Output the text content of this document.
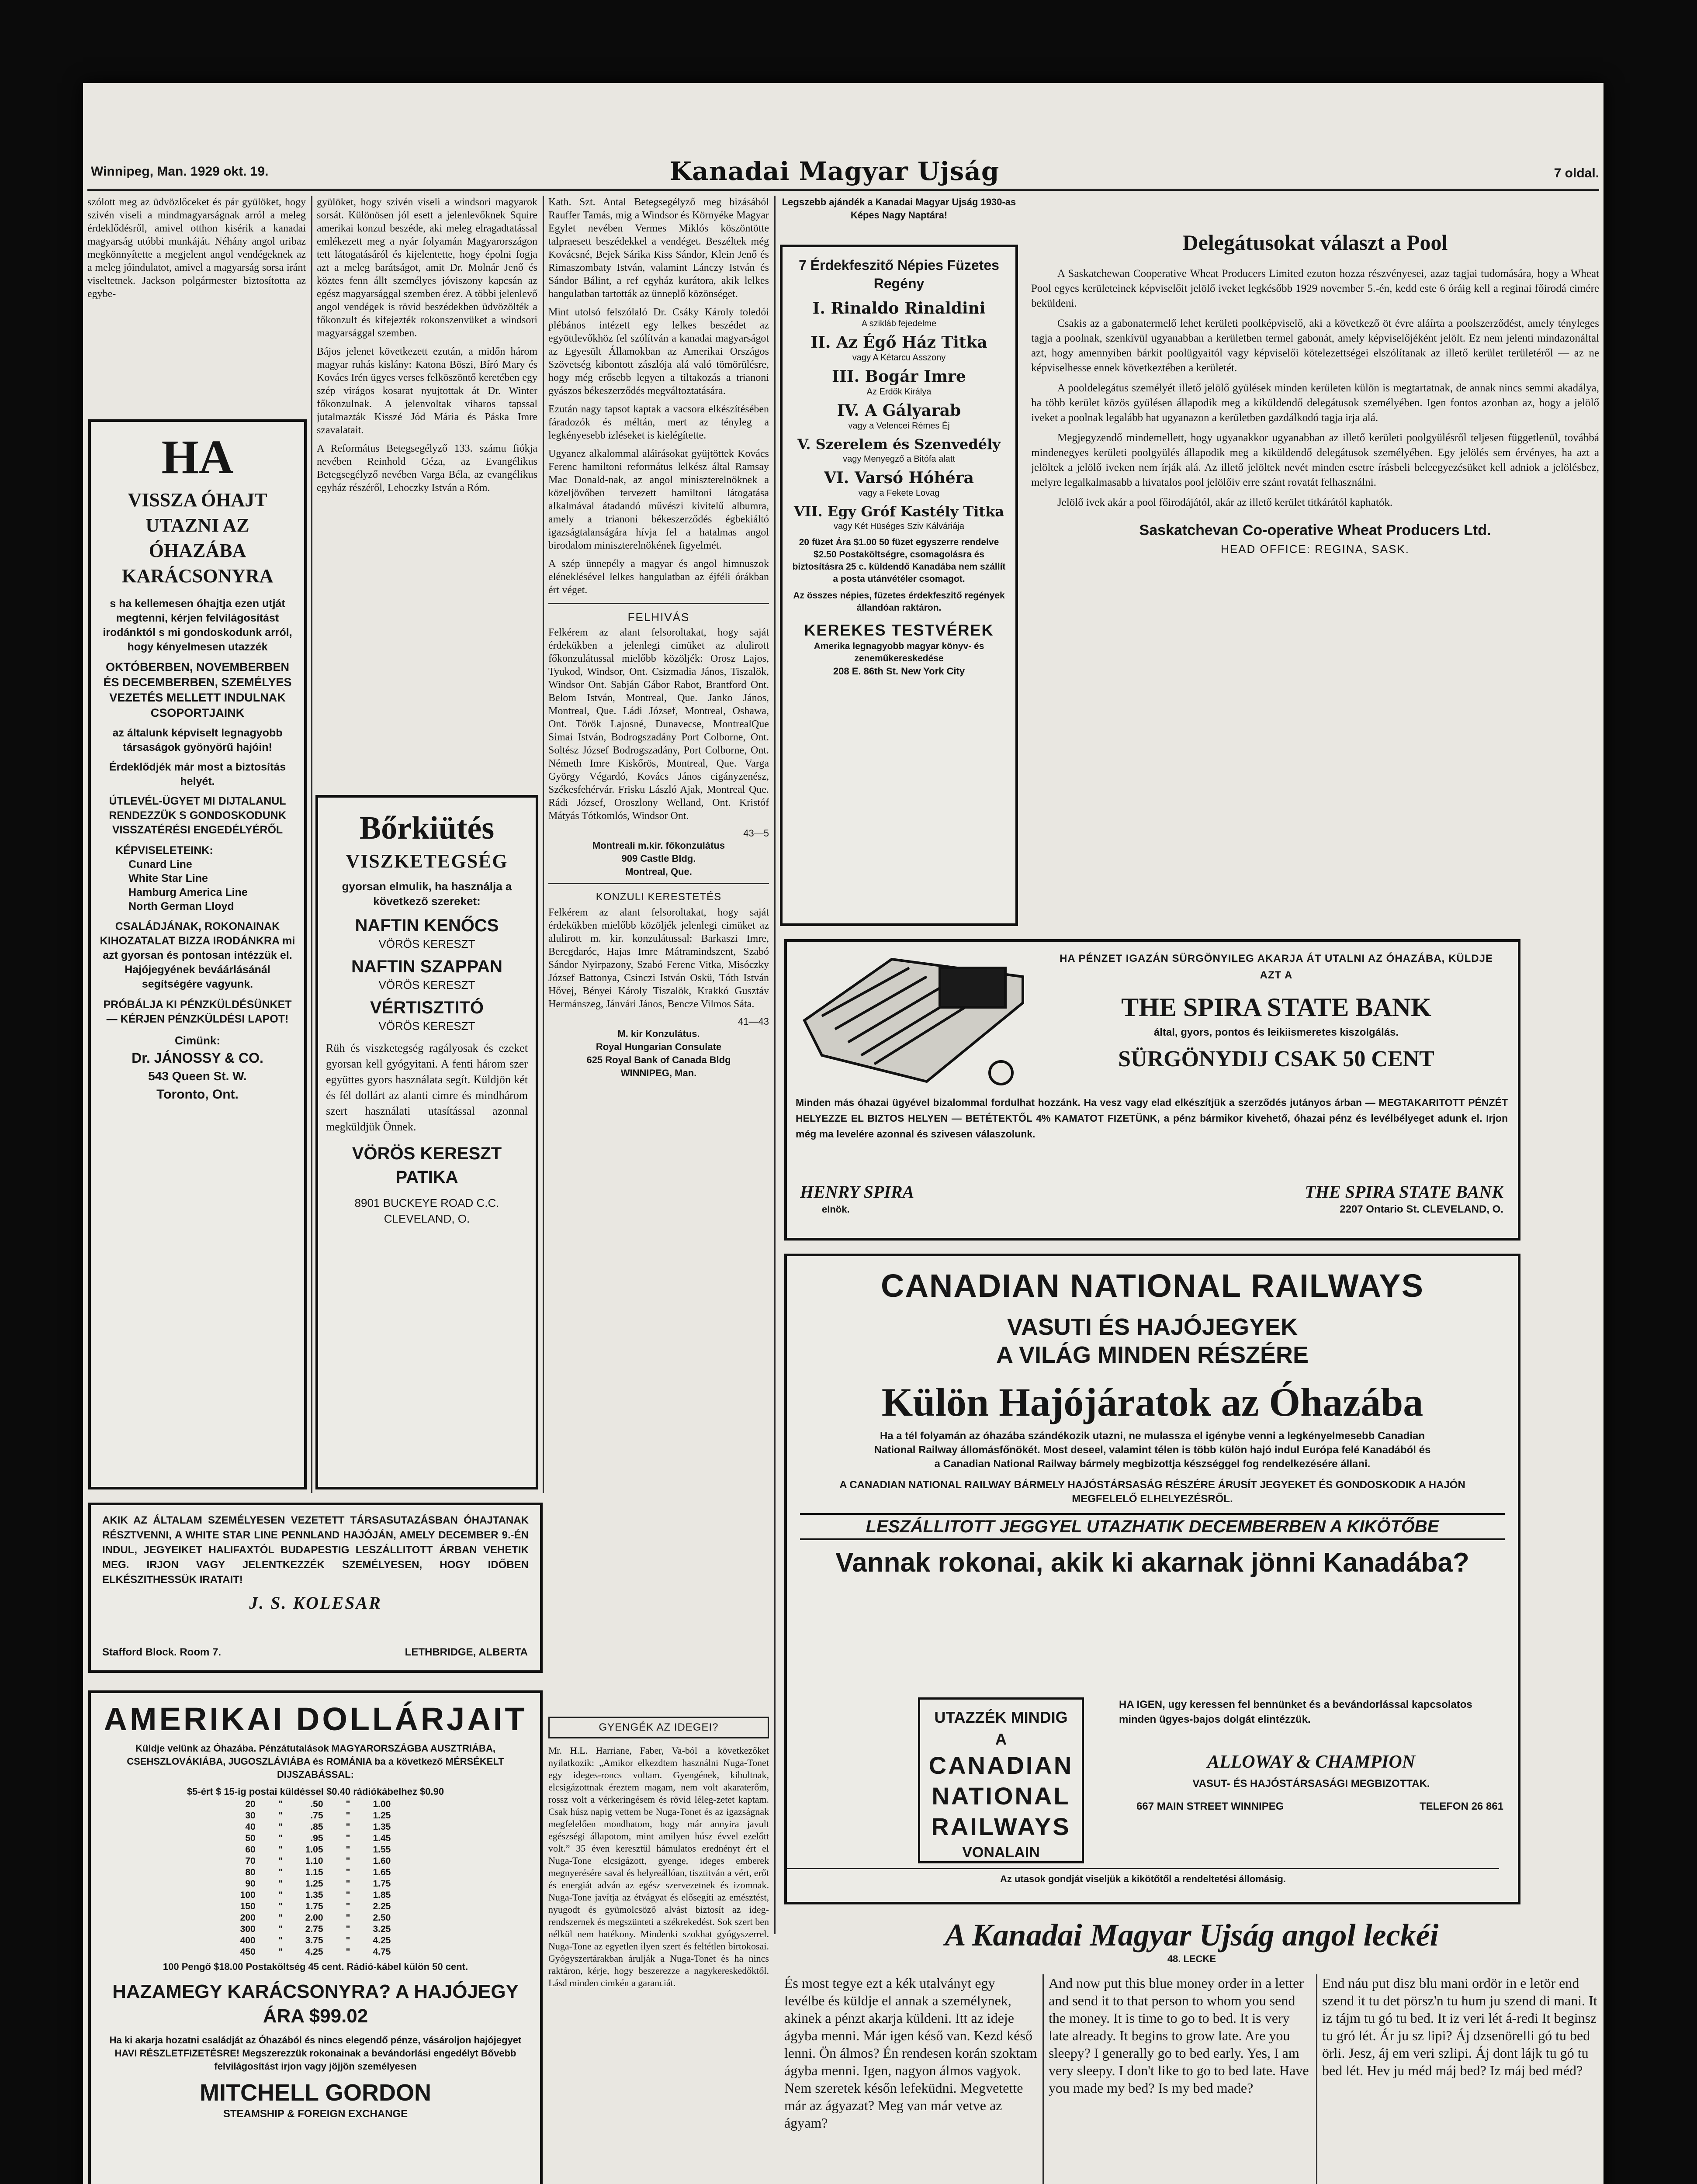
Winnipeg, Man. 1929 okt. 19.	Kanadai Magyar Ujság	7 oldal.

szólott meg az üdvözlőceket és pár gyülöket, hogy szivén viseli a mindmagyarságnak arról a meleg érdeklődésről, amivel otthon kisérik a kanadai magyarság utóbbi munkáját. Néhány angol uribaz megkönnyítette a megjelent angol vendégeknek az a meleg jóindulatot, amivel a magyarság sorsa iránt viseltetnek. Jackson polgármester biztosította az egybe-

HA
VISSZA ÓHAJT UTAZNI AZ ÓHAZÁBA KARÁCSONYRA
s ha kellemesen óhajtja ezen utját megtenni, kérjen felvilágosítást irodánktól s mi gondoskodunk arról, hogy kényelmesen utazzék
OKTÓBERBEN, NOVEMBERBEN ÉS DECEMBERBEN, SZEMÉLYES VEZETÉS MELLETT INDULNAK CSOPORTJAINK
az általunk képviselt legnagyobb társaságok gyönyörű hajóin!
Érdeklődjék már most a biztosítás helyét.
ÚTLEVÉL-ÜGYET MI DIJTALANUL RENDEZZÜK S GONDOSKODUNK VISSZATÉRÉSI ENGEDÉLYÉRŐL
KÉPVISELETEINK:
Cunard Line
White Star Line
Hamburg America Line
North German Lloyd
CSALÁDJÁNAK, ROKONAINAK KIHOZATALAT BIZZA IRODÁNKRA mi azt gyorsan és pontosan intézzük el. Hajójegyének beváárlásánál segítségére vagyunk.
PRÓBÁLJA KI PÉNZKÜLDÉSÜNKET — KÉRJEN PÉNZKÜLDÉSI LAPOT!
Cimünk:
Dr. JÁNOSSY & CO.
543 Queen St. W.
Toronto, Ont.

gyülöket, hogy szivén viseli a windsori magyarok sorsát. Különösen jól esett a jelenlevőknek Squire amerikai konzul beszéde, aki meleg elragadtatással emlékezett meg a nyár folyamán Magyarországon tett látogatásáról és kijelentette, hogy épolni fogja azt a meleg barátságot, amit Dr. Molnár Jenő és köztes fenn állt személyes jóviszony kapcsán az egész magyarsággal szemben érez. A többi jelenlevő angol vendégek is rövid beszédekben üdvözölték a főkonzult és kifejezték rokonszenvüket a windsori magyarsággal szemben.

Bájos jelenet következett ezután, a midőn három magyar ruhás kislány: Katona Böszi, Bíró Mary és Kovács Irén ügyes verses felköszöntő keretében egy szép virágos kosarat nyujtottak át Dr. Winter főkonzulnak. A jelenvoltak viharos tapssal jutalmazták Kisszé Jód Mária és Páska Imre szavalatait.

A Református Betegsegélyző 133. számu fiókja nevében Reinhold Géza, az Evangélikus Betegsegélyző nevében Varga Béla, az evangélikus egyház részéről, Lehoczky István a Róm.

Bőrkiütés
VISZKETEGSÉG
gyorsan elmulik, ha használja a következő szereket:
NAFTIN KENŐCS
VÖRÖS KERESZT
NAFTIN SZAPPAN
VÖRÖS KERESZT
VÉRTISZTITÓ
VÖRÖS KERESZT

Rüh és viszketegség ragályosak és ezeket gyorsan kell gyógyitani. A fenti három szer együttes gyors használata segít. Küldjön két és fél dollárt az alanti cimre és mindhárom szert használati utasítással azonnal megküldjük Önnek.

VÖRÖS KERESZT PATIKA
8901 BUCKEYE ROAD C.C.
CLEVELAND, O.

Kath. Szt. Antal Betegsegélyző meg bizásából Rauffer Tamás, mig a Windsor és Környéke Magyar Egylet nevében Vermes Miklós köszöntötte talpraesett beszédekkel a vendéget. Beszéltek még Kovácsné, Bejek Sárika Kiss Sándor, Klein Jenő és Rimaszombaty István, valamint Lánczy István és Sándor Bálint, a ref egyház kurátora, akik lelkes hangulatban tartották az ünneplő közönséget.

Mint utolsó felszólaló Dr. Csáky Károly toledói plébános intézett egy lelkes beszédet az egyöttlevőkhöz fel szólítván a kanadai magyarságot az Egyesült Államokban az Amerikai Országos Szövetség kibontott zászlója alá való tömörülésre, hogy még erősebb legyen a tiltakozás a trianoni gyászos békeszerződés megváltoztatására.

Ezután nagy tapsot kaptak a vacsora elkészítésében fáradozók és méltán, mert az tényleg a legkényesebb izléseket is kielégítette.

Ugyanez alkalommal aláirásokat gyüjtöttek Kovács Ferenc hamiltoni református lelkész által Ramsay Mac Donald-nak, az angol miniszterelnöknek a közeljövőben tervezett hamiltoni látogatása alkalmával átadandó művészi kivitelű albumra, amely a trianoni békeszerződés égbekiáltó igazságtalanságára hívja fel a hatalmas angol birodalom miniszterelnökének figyelmét.

A szép ünnepély a magyar és angol himnuszok eléneklésével lelkes hangulatban az éjféli órákban ért véget.

FELHIVÁS

Felkérem az alant felsoroltakat, hogy saját érdekükben a jelenlegi cimüket az alulirott főkonzulátussal mielőbb közöljék: Orosz Lajos, Tyukod, Windsor, Ont. Csizmadia János, Tiszalök, Windsor Ont. Sabján Gábor Rabot, Brantford Ont. Belom István, Montreal, Que. Janko János, Montreal, Que. Ládi József, Montreal, Oshawa, Ont. Török Lajosné, Dunavecse, MontrealQue Simai István, Bodrogszadány Port Colborne, Ont. Soltész József Bodrogszadány, Port Colborne, Ont. Németh Imre Kiskőrös, Montreal, Que. Varga György Végardó, Kovács János cigányzenész, Székesfehérvár. Frisku László Ajak, Montreal Que. Rádi József, Oroszlony Welland, Ont. Kristóf Mátyás Tótkomlós, Windsor Ont.

43—5
Montreali m.kir. főkonzulátus
909 Castle Bldg.
Montreal, Que.
KONZULI KERESTETÉS

Felkérem az alant felsoroltakat, hogy saját érdekükben mielőbb közöljék jelenlegi cimüket az alulirott m. kir. konzulátussal: Barkaszi Imre, Beregdaróc, Hajas Imre Mátramindszent, Szabó Sándor Nyirpazony, Szabó Ferenc Vitka, Misóczky József Battonya, Csinczi István Oskü, Tóth István Hővej, Bényei Károly Tiszalök, Krakkó Gusztáv Hermánszeg, Jánvári János, Bencze Vilmos Sáta.

41—43
M. kir Konzulátus.
Royal Hungarian Consulate
625 Royal Bank of Canada Bldg
WINNIPEG, Man.
Legszebb ajándék a Kanadai Magyar Ujság 1930-as Képes Nagy Naptára!
7 Érdekfeszitő Népies Füzetes Regény
I. Rinaldo Rinaldini
A szikláb fejedelme
II. Az Égő Ház Titka
vagy A Kétarcu Asszony
III. Bogár Imre
Az Erdők Királya
IV. A Gályarab
vagy a Velencei Rémes Éj
V. Szerelem és Szenvedély
vagy Menyegző a Bitófa alatt
VI. Varsó Hóhéra
vagy a Fekete Lovag
VII. Egy Gróf Kastély Titka
vagy Két Hüséges Sziv Kálváriája
20 füzet Ára $1.00 50 füzet egyszerre rendelve $2.50 Postaköltségre, csomagolásra és biztosításra 25 c. küldendő Kanadába nem szállít a posta utánvétéler csomagot.
Az összes népies, füzetes érdekfeszitő regények állandóan raktáron.
KEREKES TESTVÉREK
Amerika legnagyobb magyar könyv- és zeneműkereskedése
208 E. 86th St. New York City
Delegátusokat választ a Pool

A Saskatchewan Cooperative Wheat Producers Limited ezuton hozza részvényesei, azaz tagjai tudomására, hogy a Wheat Pool egyes kerületeinek képviselőit jelölő iveket legkésőbb 1929 november 5.-én, kedd este 6 óráig kell a reginai főirodá cimére beküldeni.

Csakis az a gabonatermelő lehet kerületi poolképviselő, aki a következő öt évre aláírta a poolszerződést, amely tényleges tagja a poolnak, szenkívül ugyanabban a kerületben termel gabonát, amely képviselőjéként jelölt. Ez nem jelenti mindazonáltal azt, hogy amennyiben bárkit poolügyaitól vagy képviselői kötelezettségei elszólítanak az illető kerület területéről — az ne képviselhesse ennek következtében a kerületét.

A pooldelegátus személyét illető jelölő gyülések minden kerületen külön is megtartatnak, de annak nincs semmi akadálya, ha több kerület közös gyülésen állapodik meg a kiküldendő delegátusok személyében. Igen fontos azonban az, hogy a jelölő iveket a poolnak legalább hat ugyanazon a kerületben gazdálkodó tagja irja alá.

Megjegyzendő mindemellett, hogy ugyanakkor ugyanabban az illető kerületi poolgyülésről teljesen függetlenül, továbbá mindenegyes kerületi poolgyülés állapodik meg a kiküldendő delegátusok személyében. Egy jelölés sem érvényes, ha azt a jelöltek a jelölő iveken nem írják alá. Az illető jelöltek nevét minden esetre írásbeli beleegyezésüket kell adniok a jelölésbez, melyre legalkalmasabb a hivatalos pool jelölőiv erre szánt rovatát felhasználni.

Jelölő ivek akár a pool főirodájától, akár az illető kerület titkárától kaphatók.

Saskatchevan Co-operative Wheat Producers Ltd.
HEAD OFFICE: REGINA, SASK.
HA PÉNZET IGAZÁN SÜRGÖNYILEG AKARJA ÁT UTALNI AZ ÓHAZÁBA, KÜLDJE AZT A
THE SPIRA STATE BANK
által, gyors, pontos és leikiismeretes kiszolgálás.
SÜRGÖNYDIJ CSAK 50 CENT
Minden más óhazai ügyével bizalommal fordulhat hozzánk. Ha vesz vagy elad elkészítjük a szerződés jutányos árban — MEGTAKARITOTT PÉNZÉT HELYEZZE EL BIZTOS HELYEN — BETÉTEKTŐL 4% KAMATOT FIZETÜNK, a pénz bármikor kivehető, óhazai pénz és levélbélyeget adunk el. Irjon még ma levelére azonnal és szivesen válaszolunk.
HENRY SPIRA
elnök.
THE SPIRA STATE BANK
2207 Ontario St. CLEVELAND, O.
CANADIAN NATIONAL RAILWAYS
VASUTI ÉS HAJÓJEGYEK
A VILÁG MINDEN RÉSZÉRE
Külön Hajójáratok az Óhazába
Ha a tél folyamán az óhazába szándékozik utazni, ne mulassza el igénybe venni a legkényelmesebb Canadian National Railway állomásfőnökét. Most deseel, valamint télen is több külön hajó indul Európa felé Kanadából és a Canadian National Railway bármely megbizottja készséggel fog rendelkezésére állani.
A CANADIAN NATIONAL RAILWAY BÁRMELY HAJÓSTÁRSASÁG RÉSZÉRE ÁRUSÍT JEGYEKET ÉS GONDOSKODIK A HAJÓN MEGFELELŐ ELHELYEZÉSRŐL.
LESZÁLLITOTT JEGGYEL UTAZHATIK DECEMBERBEN A KIKÖTŐBE
Vannak rokonai, akik ki akarnak jönni Kanadába?
UTAZZÉK MINDIG A
CANADIAN
NATIONAL
RAILWAYS
VONALAIN
HA IGEN, ugy keressen fel bennünket és a bevándorlással kapcsolatos minden ügyes-bajos dolgát elintézzük.
ALLOWAY & CHAMPION
VASUT- ÉS HAJÓSTÁRSASÁGI MEGBIZOTTAK.
667 MAIN STREET WINNIPEG	TELEFON 26 861
Az utasok gondját viseljük a kikötőtől a rendeltetési állomásig.
AKIK AZ ÁLTALAM SZEMÉLYESEN VEZETETT TÁRSASUTAZÁSBAN ÓHAJTANAK RÉSZTVENNI, A WHITE STAR LINE PENNLAND HAJÓJÁN, AMELY DECEMBER 9.-ÉN INDUL, JEGYEIKET HALIFAXTÓL BUDAPESTIG LESZÁLLITOTT ÁRBAN VEHETIK MEG. IRJON VAGY JELENTKEZZÉK SZEMÉLYESEN, HOGY IDŐBEN ELKÉSZITHESSÜK IRATAIT!
J. S. KOLESAR
Stafford Block. Room 7.	LETHBRIDGE, ALBERTA
AMERIKAI DOLLÁRJAIT
Küldje velünk az Óhazába. Pénzátutalások MAGYARORSZÁGBA AUSZTRIÁBA, CSEHSZLOVÁKIÁBA, JUGOSZLÁVIÁBA és ROMÁNIA ba a következő MÉRSÉKELT DIJSZABÁSSAL:
$5-ért $ 15-ig postai küldéssel $0.40 rádiókábelhez $0.90
20	"	.50	"	1.00
30	"	.75	"	1.25
40	"	.85	"	1.35
50	"	.95	"	1.45
60	"	1.05	"	1.55
70	"	1.10	"	1.60
80	"	1.15	"	1.65
90	"	1.25	"	1.75
100	"	1.35	"	1.85
150	"	1.75	"	2.25
200	"	2.00	"	2.50
300	"	2.75	"	3.25
400	"	3.75	"	4.25
450	"	4.25	"	4.75
100 Pengő $18.00 Postaköltség 45 cent. Rádió-kábel külön 50 cent.
HAZAMEGY KARÁCSONYRA? A HAJÓJEGY ÁRA $99.02
Ha ki akarja hozatni családját az Óhazából és nincs elegendő pénze, vásároljon hajójegyet HAVI RÉSZLETFIZETÉSRE! Megszerezzük rokonainak a bevándorlási engedélyt Bővebb felvilágosítást irjon vagy jöjjön személyesen
MITCHELL GORDON
STEAMSHIP & FOREIGN EXCHANGE
GYENGÉK AZ IDEGEI?

Mr. H.L. Harriane, Faber, Va-ból a következőket nyilatkozik: „Amikor elkezdtem használni Nuga-Tonet egy ideges-roncs voltam. Gyengének, kibultnak, elcsigázottnak éreztem magam, nem volt akaraterőm, rossz volt a vérkeringésem és rövid léleg-zetet kaptam. Csak húsz napig vettem be Nuga-Tonet és az igazságnak megfelelően mondhatom, hogy már annyira javult egészségi állapotom, mint amilyen húsz évvel ezelőtt volt.” 35 éven keresztül hámulatos erednényt ért el Nuga-Tone elcsigázott, gyenge, ideges emberek megnyerésére saval és helyreállóan, tisztitván a vért, erőt és energiát adván az egész szervezetnek és izomnak. Nuga-Tone javítja az étvágyat és elősegíti az emésztést, nyugodt és gyümolcsöző alvást biztosít az ideg-rendszernek és megszünteti a székrekedést. Sok szert ben nélkül nem hatékony. Mindenki szokhat gyógyszerrel. Nuga-Tone az egyetlen ilyen szert és feltétlen birtokosai. Gyógyszertárakban árulják a Nuga-Tonet és ha nincs raktáron, kérje, hogy beszerezze a nagykereskedőktől. Lásd minden cimkén a garanciát.

A Kanadai Magyar Ujság angol leckéi
48. LECKE

És most tegye ezt a kék utalványt egy levélbe és küldje el annak a személynek, akinek a pénzt akarja küldeni. Itt az ideje ágyba menni. Már igen késő van. Kezd késő lenni. Ön álmos? Én rendesen korán szoktam ágyba menni. Igen, nagyon álmos vagyok. Nem szeretek későn lefeküdni. Megvetette már az ágyazat? Meg van már vetve az ágyam?

And now put this blue money order in a letter and send it to that person to whom you send the money. It is time to go to bed. It is very late already. It begins to grow late. Are you sleepy? I generally go to bed early. Yes, I am very sleepy. I don't like to go to bed late. Have you made my bed? Is my bed made?

End náu put disz blu mani ordör in e letör end szend it tu det pörsz'n tu hum ju szend di mani. It iz tájm tu gó tu bed. It iz veri lét á-redi It beginsz tu gró lét. Ár ju sz lipi? Áj dzsenörelli gó tu bed örli. Jesz, áj em veri szlipi. Áj dont lájk tu gó tu bed lét. Hev ju méd máj bed? Iz máj bed méd?
